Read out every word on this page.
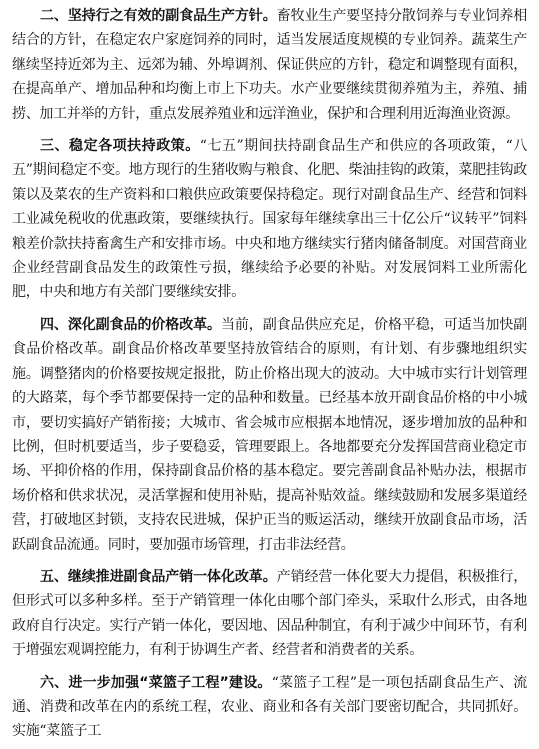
二、坚持行之有效的副食品生产方针。畜牧业生产要坚持分散饲养与专业饲养相结合的方针，在稳定农户家庭饲养的同时，适当发展适度规模的专业饲养。蔬菜生产继续坚持近郊为主、远郊为辅、外埠调剂、保证供应的方针，稳定和调整现有面积，在提高单产、增加品种和均衡上市上下功夫。水产业要继续贯彻养殖为主，养殖、捕捞、加工并举的方针，重点发展养殖业和远洋渔业，保护和合理利用近海渔业资源。

三、稳定各项扶持政策。“七五”期间扶持副食品生产和供应的各项政策，“八五”期间稳定不变。地方现行的生猪收购与粮食、化肥、柴油挂钩的政策，菜肥挂钩政策以及菜农的生产资料和口粮供应政策要保持稳定。现行对副食品生产、经营和饲料工业减免税收的优惠政策，要继续执行。国家每年继续拿出三十亿公斤“议转平”饲料粮差价款扶持畜禽生产和安排市场。中央和地方继续实行猪肉储备制度。对国营商业企业经营副食品发生的政策性亏损，继续给予必要的补贴。对发展饲料工业所需化肥，中央和地方有关部门要继续安排。

四、深化副食品的价格改革。当前，副食品供应充足，价格平稳，可适当加快副食品价格改革。副食品价格改革要坚持放管结合的原则，有计划、有步骤地组织实施。调整猪肉的价格要按规定报批，防止价格出现大的波动。大中城市实行计划管理的大路菜，每个季节都要保持一定的品种和数量。已经基本放开副食品价格的中小城市，要切实搞好产销衔接；大城市、省会城市应根据本地情况，逐步增加放的品种和比例，但时机要适当，步子要稳妥，管理要跟上。各地都要充分发挥国营商业稳定市场、平抑价格的作用，保持副食品价格的基本稳定。要完善副食品补贴办法，根据市场价格和供求状况，灵活掌握和使用补贴，提高补贴效益。继续鼓励和发展多渠道经营，打破地区封锁，支持农民进城，保护正当的贩运活动，继续开放副食品市场，活跃副食品流通。同时，要加强市场管理，打击非法经营。

五、继续推进副食品产销一体化改革。产销经营一体化要大力提倡，积极推行，但形式可以多种多样。至于产销管理一体化由哪个部门牵头，采取什么形式，由各地政府自行决定。实行产销一体化，要因地、因品种制宜，有利于减少中间环节，有利于增强宏观调控能力，有利于协调生产者、经营者和消费者的关系。

六、进一步加强“菜篮子工程”建设。“菜篮子工程”是一项包括副食品生产、流通、消费和改革在内的系统工程，农业、商业和各有关部门要密切配合，共同抓好。实施“菜篮子工
